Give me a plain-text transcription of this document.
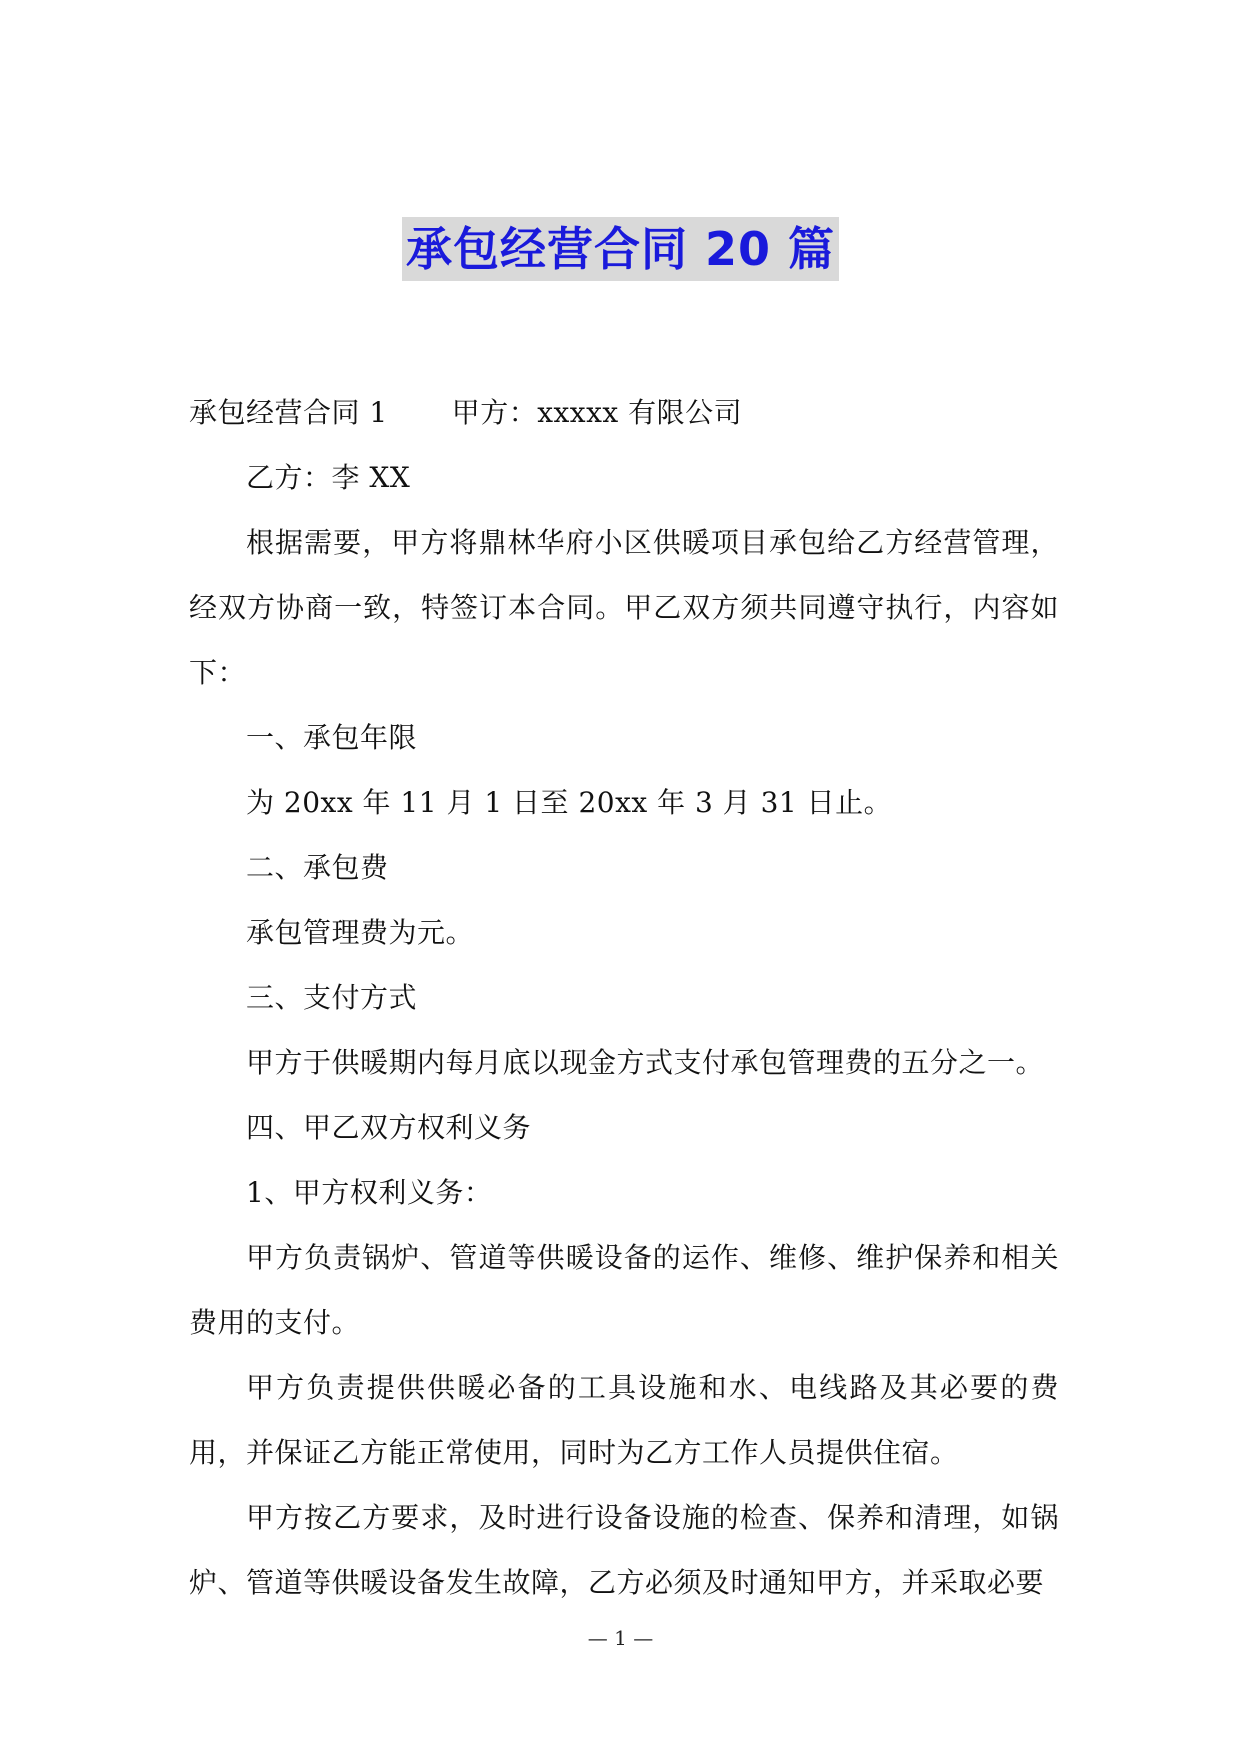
承包经营合同 20 篇

承包经营合同 1 甲方：xxxxx 有限公司

乙方：李 XX

根据需要，甲方将鼎林华府小区供暖项目承包给乙方经营管理，经双方协商一致，特签订本合同。甲乙双方须共同遵守执行，内容如下：

一、承包年限

为 20xx 年 11 月 1 日至 20xx 年 3 月 31 日止。

二、承包费

承包管理费为元。

三、支付方式

甲方于供暖期内每月底以现金方式支付承包管理费的五分之一。

四、甲乙双方权利义务

1、甲方权利义务：

甲方负责锅炉、管道等供暖设备的运作、维修、维护保养和相关费用的支付。

甲方负责提供供暖必备的工具设施和水、电线路及其必要的费用，并保证乙方能正常使用，同时为乙方工作人员提供住宿。

甲方按乙方要求，及时进行设备设施的检查、保养和清理，如锅炉、管道等供暖设备发生故障，乙方必须及时通知甲方，并采取必要

— 1 —
